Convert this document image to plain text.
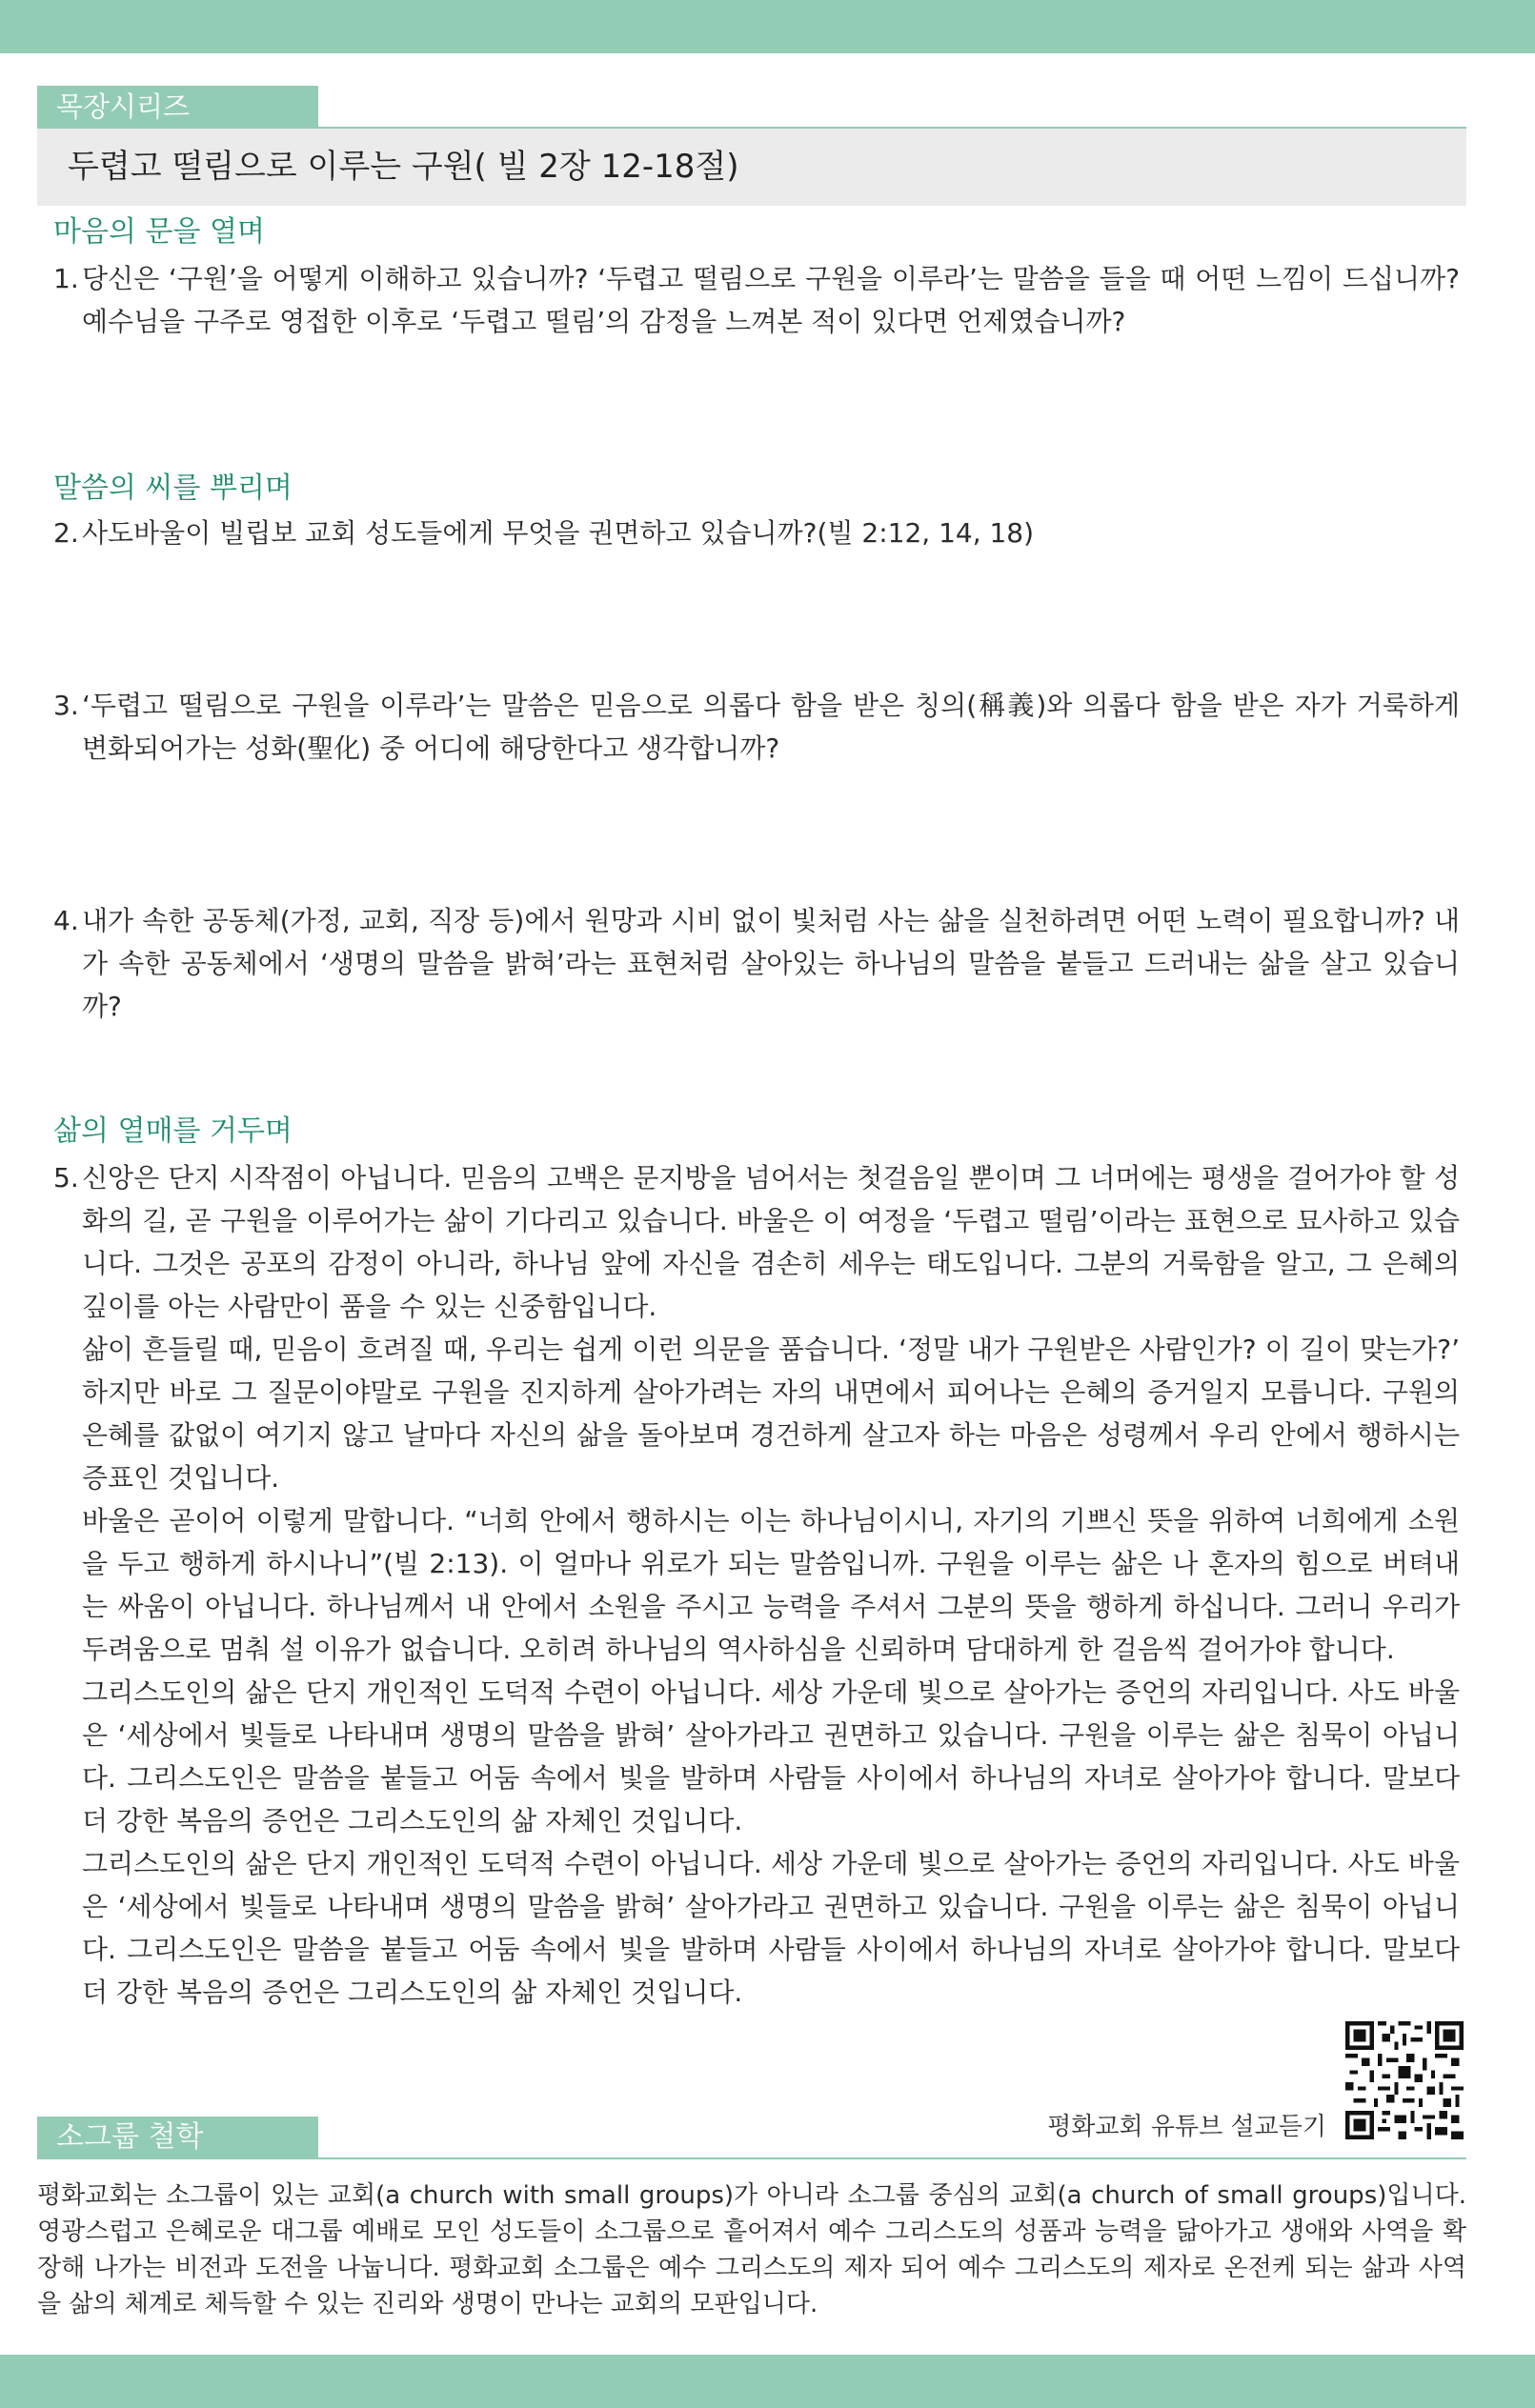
목장시리즈
두렵고 떨림으로 이루는 구원( 빌 2장 12-18절)
마음의 문을 열며
1. 당신은 ‘구원’을 어떻게 이해하고 있습니까? ‘두렵고 떨림으로 구원을 이루라’는 말씀을 들을 때 어떤 느낌이 드십니까? 예수님을 구주로 영접한 이후로 ‘두렵고 떨림’의 감정을 느껴본 적이 있다면 언제였습니까?
말씀의 씨를 뿌리며
2. 사도바울이 빌립보 교회 성도들에게 무엇을 권면하고 있습니까?(빌 2:12, 14, 18)
3. ‘두렵고 떨림으로 구원을 이루라’는 말씀은 믿음으로 의롭다 함을 받은 칭의(稱義)와 의롭다 함을 받은 자가 거룩하게 변화되어가는 성화(聖化) 중 어디에 해당한다고 생각합니까?
4. 내가 속한 공동체(가정, 교회, 직장 등)에서 원망과 시비 없이 빛처럼 사는 삶을 실천하려면 어떤 노력이 필요합니까? 내가 속한 공동체에서 ‘생명의 말씀을 밝혀’라는 표현처럼 살아있는 하나님의 말씀을 붙들고 드러내는 삶을 살고 있습니까?
삶의 열매를 거두며
5. 신앙은 단지 시작점이 아닙니다. 믿음의 고백은 문지방을 넘어서는 첫걸음일 뿐이며 그 너머에는 평생을 걸어가야 할 성화의 길, 곧 구원을 이루어가는 삶이 기다리고 있습니다. 바울은 이 여정을 ‘두렵고 떨림’이라는 표현으로 묘사하고 있습니다. 그것은 공포의 감정이 아니라, 하나님 앞에 자신을 겸손히 세우는 태도입니다. 그분의 거룩함을 알고, 그 은혜의 깊이를 아는 사람만이 품을 수 있는 신중함입니다.

삶이 흔들릴 때, 믿음이 흐려질 때, 우리는 쉽게 이런 의문을 품습니다. ‘정말 내가 구원받은 사람인가? 이 길이 맞는가?’ 하지만 바로 그 질문이야말로 구원을 진지하게 살아가려는 자의 내면에서 피어나는 은혜의 증거일지 모릅니다. 구원의 은혜를 값없이 여기지 않고 날마다 자신의 삶을 돌아보며 경건하게 살고자 하는 마음은 성령께서 우리 안에서 행하시는 증표인 것입니다.

바울은 곧이어 이렇게 말합니다. “너희 안에서 행하시는 이는 하나님이시니, 자기의 기쁘신 뜻을 위하여 너희에게 소원을 두고 행하게 하시나니”(빌 2:13). 이 얼마나 위로가 되는 말씀입니까. 구원을 이루는 삶은 나 혼자의 힘으로 버텨내는 싸움이 아닙니다. 하나님께서 내 안에서 소원을 주시고 능력을 주셔서 그분의 뜻을 행하게 하십니다. 그러니 우리가 두려움으로 멈춰 설 이유가 없습니다. 오히려 하나님의 역사하심을 신뢰하며 담대하게 한 걸음씩 걸어가야 합니다.

그리스도인의 삶은 단지 개인적인 도덕적 수련이 아닙니다. 세상 가운데 빛으로 살아가는 증언의 자리입니다. 사도 바울은 ‘세상에서 빛들로 나타내며 생명의 말씀을 밝혀’ 살아가라고 권면하고 있습니다. 구원을 이루는 삶은 침묵이 아닙니다. 그리스도인은 말씀을 붙들고 어둠 속에서 빛을 발하며 사람들 사이에서 하나님의 자녀로 살아가야 합니다. 말보다 더 강한 복음의 증언은 그리스도인의 삶 자체인 것입니다.

그리스도인의 삶은 단지 개인적인 도덕적 수련이 아닙니다. 세상 가운데 빛으로 살아가는 증언의 자리입니다. 사도 바울은 ‘세상에서 빛들로 나타내며 생명의 말씀을 밝혀’ 살아가라고 권면하고 있습니다. 구원을 이루는 삶은 침묵이 아닙니다. 그리스도인은 말씀을 붙들고 어둠 속에서 빛을 발하며 사람들 사이에서 하나님의 자녀로 살아가야 합니다. 말보다 더 강한 복음의 증언은 그리스도인의 삶 자체인 것입니다.

평화교회 유튜브 설교듣기
소그룹 철학
평화교회는 소그룹이 있는 교회(a church with small groups)가 아니라 소그룹 중심의 교회(a church of small groups)입니다. 영광스럽고 은혜로운 대그룹 예배로 모인 성도들이 소그룹으로 흩어져서 예수 그리스도의 성품과 능력을 닮아가고 생애와 사역을 확장해 나가는 비전과 도전을 나눕니다. 평화교회 소그룹은 예수 그리스도의 제자 되어 예수 그리스도의 제자로 온전케 되는 삶과 사역을 삶의 체계로 체득할 수 있는 진리와 생명이 만나는 교회의 모판입니다.
